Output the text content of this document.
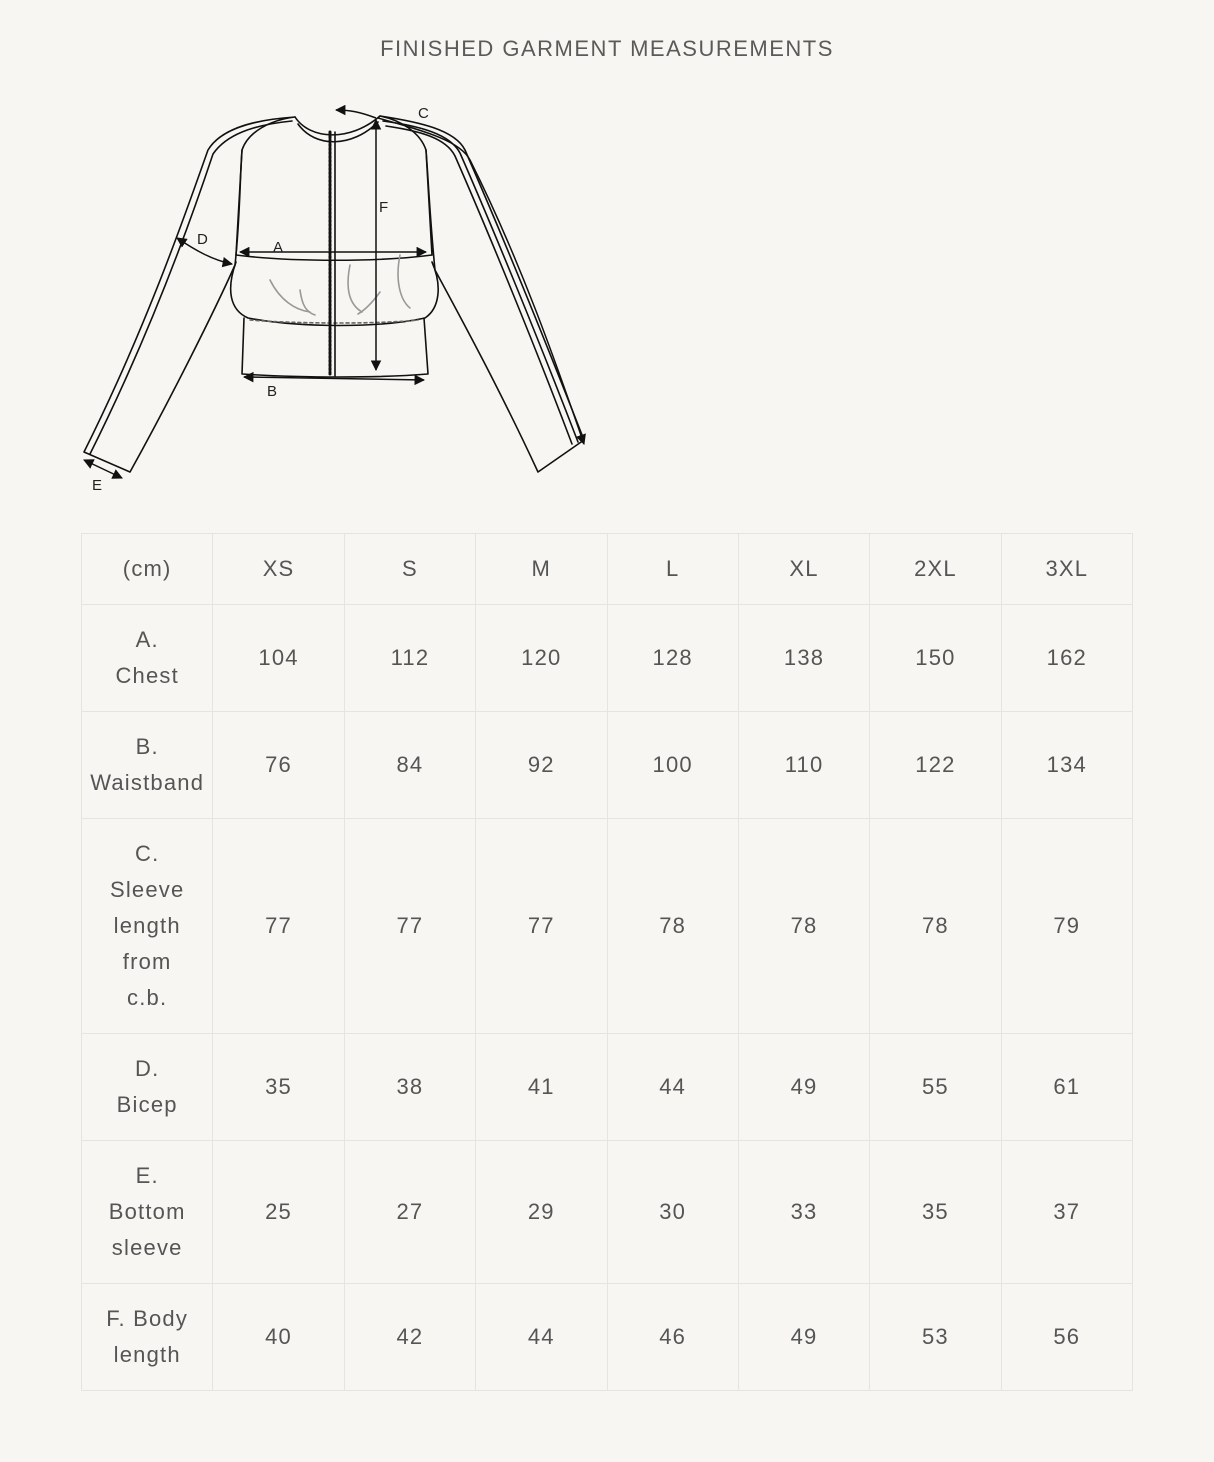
FINISHED GARMENT MEASUREMENTS
A
B
C
D
E
F
(cm)	XS	S	M	L	XL	2XL	3XL

A.
Chest	104	112	120	128	138	150	162

B.
Waistband	76	84	92	100	110	122	134

C.
Sleeve
length
from
c.b.	77	77	77	78	78	78	79

D.
Bicep	35	38	41	44	49	55	61

E.
Bottom
sleeve	25	27	29	30	33	35	37

F. Body
length	40	42	44	46	49	53	56
